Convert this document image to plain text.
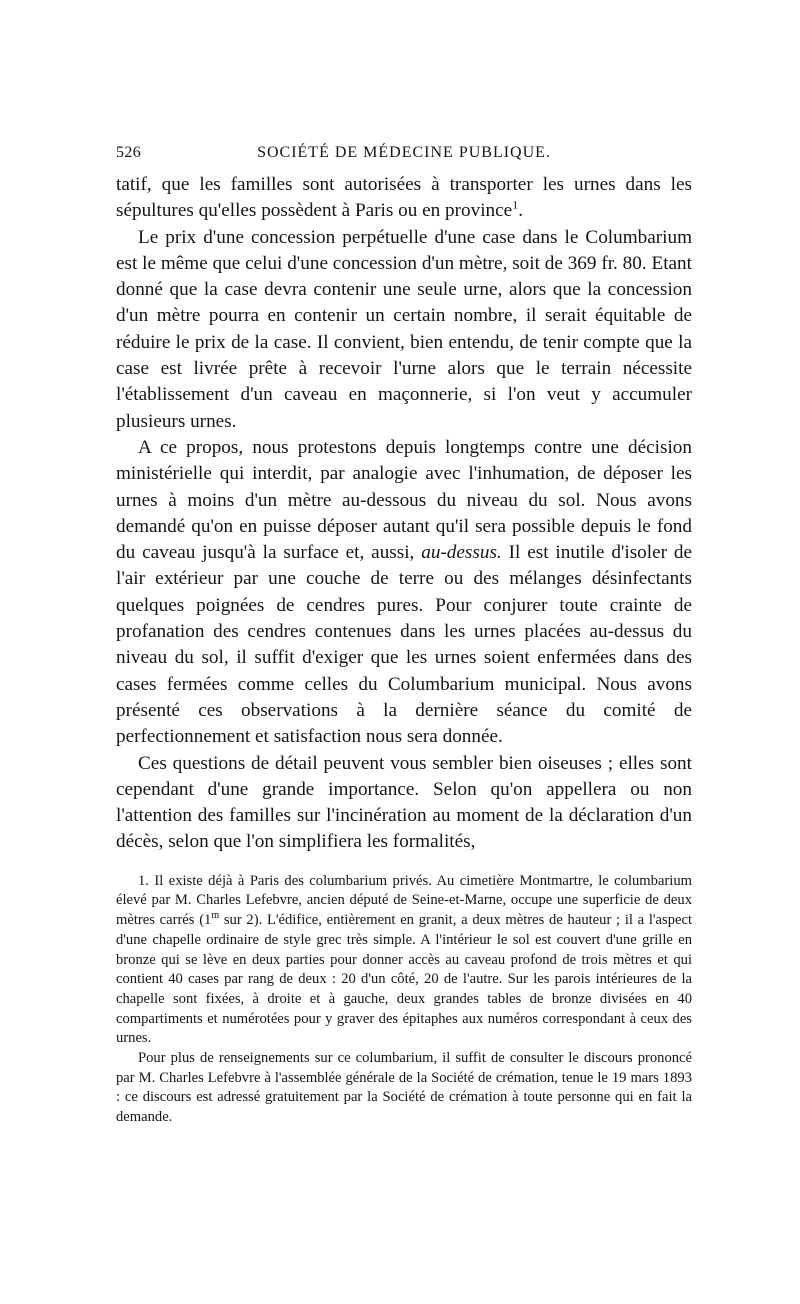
526	SOCIÉTÉ DE MÉDECINE PUBLIQUE.

tatif, que les familles sont autorisées à transporter les urnes dans les sépultures qu'elles possèdent à Paris ou en province$^1$.

Le prix d'une concession perpétuelle d'une case dans le Columbarium est le même que celui d'une concession d'un mètre, soit de 369 fr. 80. Etant donné que la case devra contenir une seule urne, alors que la concession d'un mètre pourra en contenir un certain nombre, il serait équitable de réduire le prix de la case. Il convient, bien entendu, de tenir compte que la case est livrée prête à recevoir l'urne alors que le terrain nécessite l'établissement d'un caveau en maçonnerie, si l'on veut y accumuler plusieurs urnes.

A ce propos, nous protestons depuis longtemps contre une décision ministérielle qui interdit, par analogie avec l'inhumation, de déposer les urnes à moins d'un mètre au-dessous du niveau du sol. Nous avons demandé qu'on en puisse déposer autant qu'il sera possible depuis le fond du caveau jusqu'à la surface et, aussi, au-dessus. Il est inutile d'isoler de l'air extérieur par une couche de terre ou des mélanges désinfectants quelques poignées de cendres pures. Pour conjurer toute crainte de profanation des cendres contenues dans les urnes placées au-dessus du niveau du sol, il suffit d'exiger que les urnes soient enfermées dans des cases fermées comme celles du Columbarium municipal. Nous avons présenté ces observations à la dernière séance du comité de perfectionnement et satisfaction nous sera donnée.

Ces questions de détail peuvent vous sembler bien oiseuses ; elles sont cependant d'une grande importance. Selon qu'on appellera ou non l'attention des familles sur l'incinération au moment de la déclaration d'un décès, selon que l'on simplifiera les formalités,

1. Il existe déjà à Paris des columbarium privés. Au cimetière Montmartre, le columbarium élevé par M. Charles Lefebvre, ancien député de Seine-et-Marne, occupe une superficie de deux mètres carrés (1$^m$ sur 2). L'édifice, entièrement en granit, a deux mètres de hauteur ; il a l'aspect d'une chapelle ordinaire de style grec très simple. A l'intérieur le sol est couvert d'une grille en bronze qui se lève en deux parties pour donner accès au caveau profond de trois mètres et qui contient 40 cases par rang de deux : 20 d'un côté, 20 de l'autre. Sur les parois intérieures de la chapelle sont fixées, à droite et à gauche, deux grandes tables de bronze divisées en 40 compartiments et numérotées pour y graver des épitaphes aux numéros correspondant à ceux des urnes.

Pour plus de renseignements sur ce columbarium, il suffit de consulter le discours prononcé par M. Charles Lefebvre à l'assemblée générale de la Société de crémation, tenue le 19 mars 1893 : ce discours est adressé gratuitement par la Société de crémation à toute personne qui en fait la demande.
